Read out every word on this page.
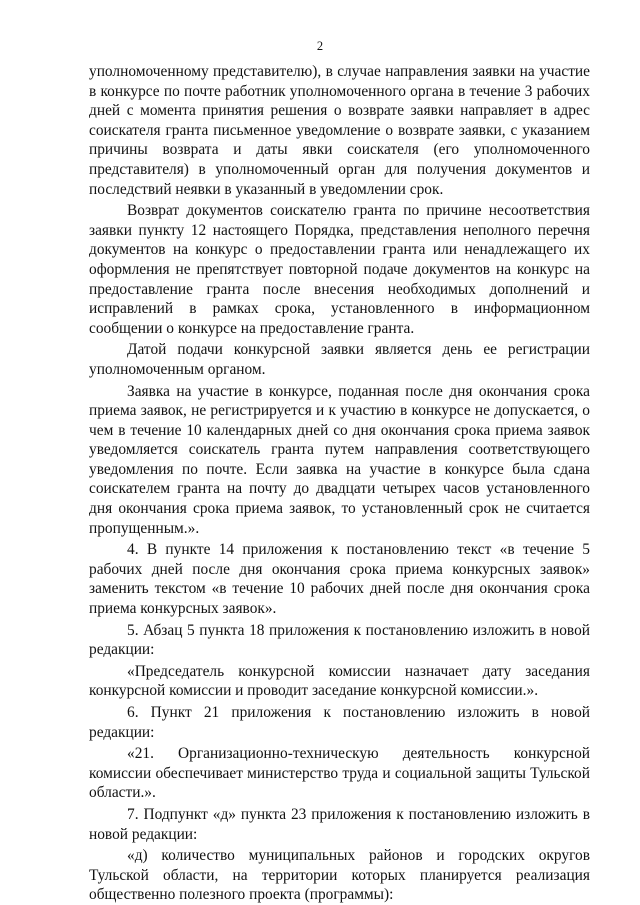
2

уполномоченному представителю), в случае направления заявки на участие в конкурсе по почте работник уполномоченного органа в течение 3 рабочих дней с момента принятия решения о возврате заявки направляет в адрес соискателя гранта письменное уведомление о возврате заявки, с указанием причины возврата и даты явки соискателя (его уполномоченного представителя) в уполномоченный орган для получения документов и последствий неявки в указанный в уведомлении срок.

Возврат документов соискателю гранта по причине несоответствия заявки пункту 12 настоящего Порядка, представления неполного перечня документов на конкурс о предоставлении гранта или ненадлежащего их оформления не препятствует повторной подаче документов на конкурс на предоставление гранта после внесения необходимых дополнений и исправлений в рамках срока, установленного в информационном сообщении о конкурсе на предоставление гранта.

Датой подачи конкурсной заявки является день ее регистрации уполномоченным органом.

Заявка на участие в конкурсе, поданная после дня окончания срока приема заявок, не регистрируется и к участию в конкурсе не допускается, о чем в течение 10 календарных дней со дня окончания срока приема заявок уведомляется соискатель гранта путем направления соответствующего уведомления по почте. Если заявка на участие в конкурсе была сдана соискателем гранта на почту до двадцати четырех часов установленного дня окончания срока приема заявок, то установленный срок не считается пропущенным.».

4. В пункте 14 приложения к постановлению текст «в течение 5 рабочих дней после дня окончания срока приема конкурсных заявок» заменить текстом «в течение 10 рабочих дней после дня окончания срока приема конкурсных заявок».

5. Абзац 5 пункта 18 приложения к постановлению изложить в новой редакции:

«Председатель конкурсной комиссии назначает дату заседания конкурсной комиссии и проводит заседание конкурсной комиссии.».

6. Пункт 21 приложения к постановлению изложить в новой редакции:

«21. Организационно-техническую деятельность конкурсной комиссии обеспечивает министерство труда и социальной защиты Тульской области.».

7. Подпункт «д» пункта 23 приложения к постановлению изложить в новой редакции:

«д) количество муниципальных районов и городских округов Тульской области, на территории которых планируется реализация общественно полезного проекта (программы):
